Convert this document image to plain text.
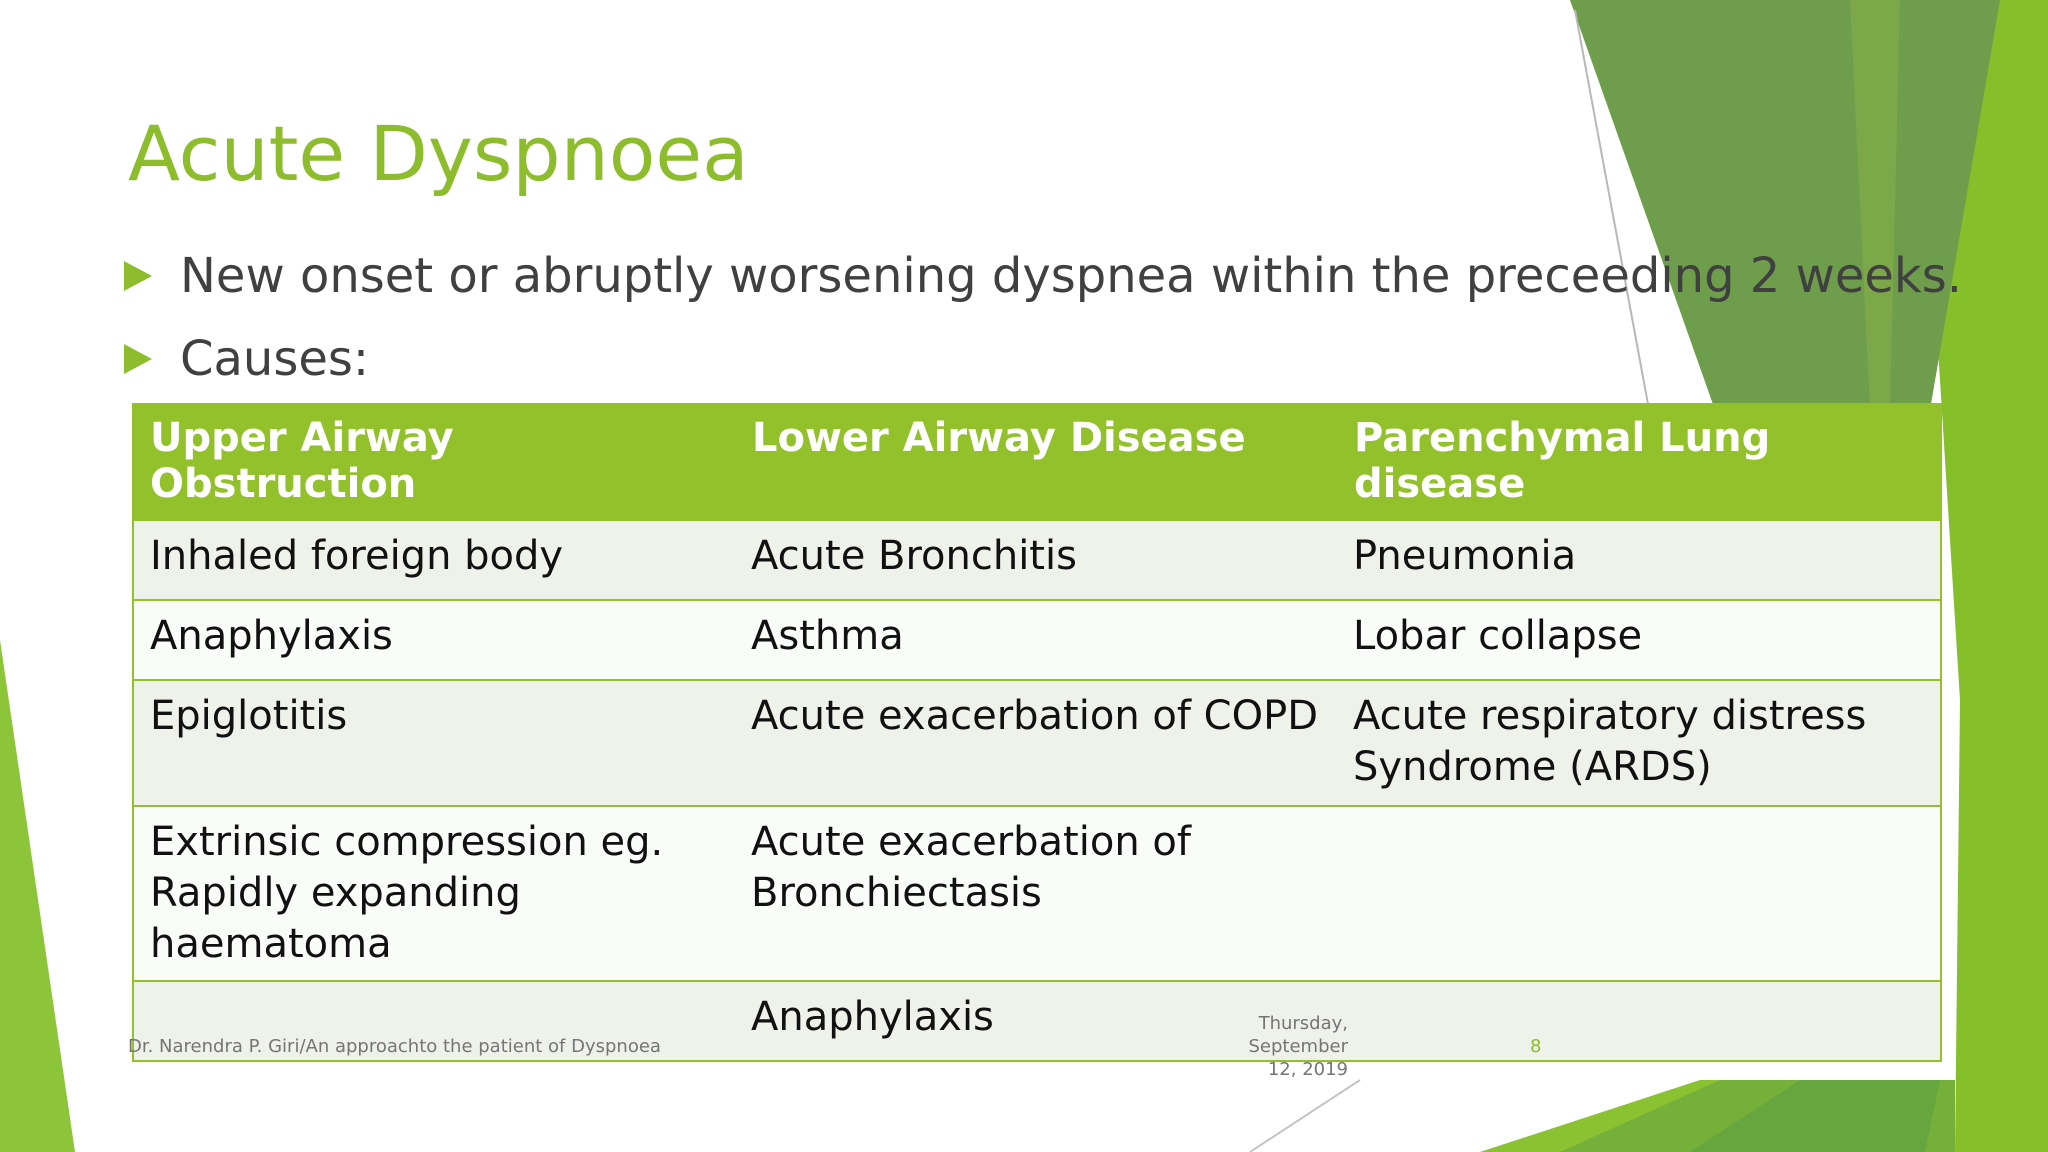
Acute Dyspnoea
New onset or abruptly worsening dyspnea within the preceeding 2 weeks.
Causes:
Upper Airway Obstruction	Lower Airway Disease	Parenchymal Lung disease
Inhaled foreign body	Acute Bronchitis	Pneumonia
Anaphylaxis	Asthma	Lobar collapse
Epiglotitis	Acute exacerbation of COPD	Acute respiratory distress Syndrome (ARDS)
Extrinsic compression eg. Rapidly expanding haematoma	Acute exacerbation of Bronchiectasis	
	Anaphylaxis	
Dr. Narendra P. Giri/An approachto the patient of Dyspnoea
Thursday, September 12, 2019
8
